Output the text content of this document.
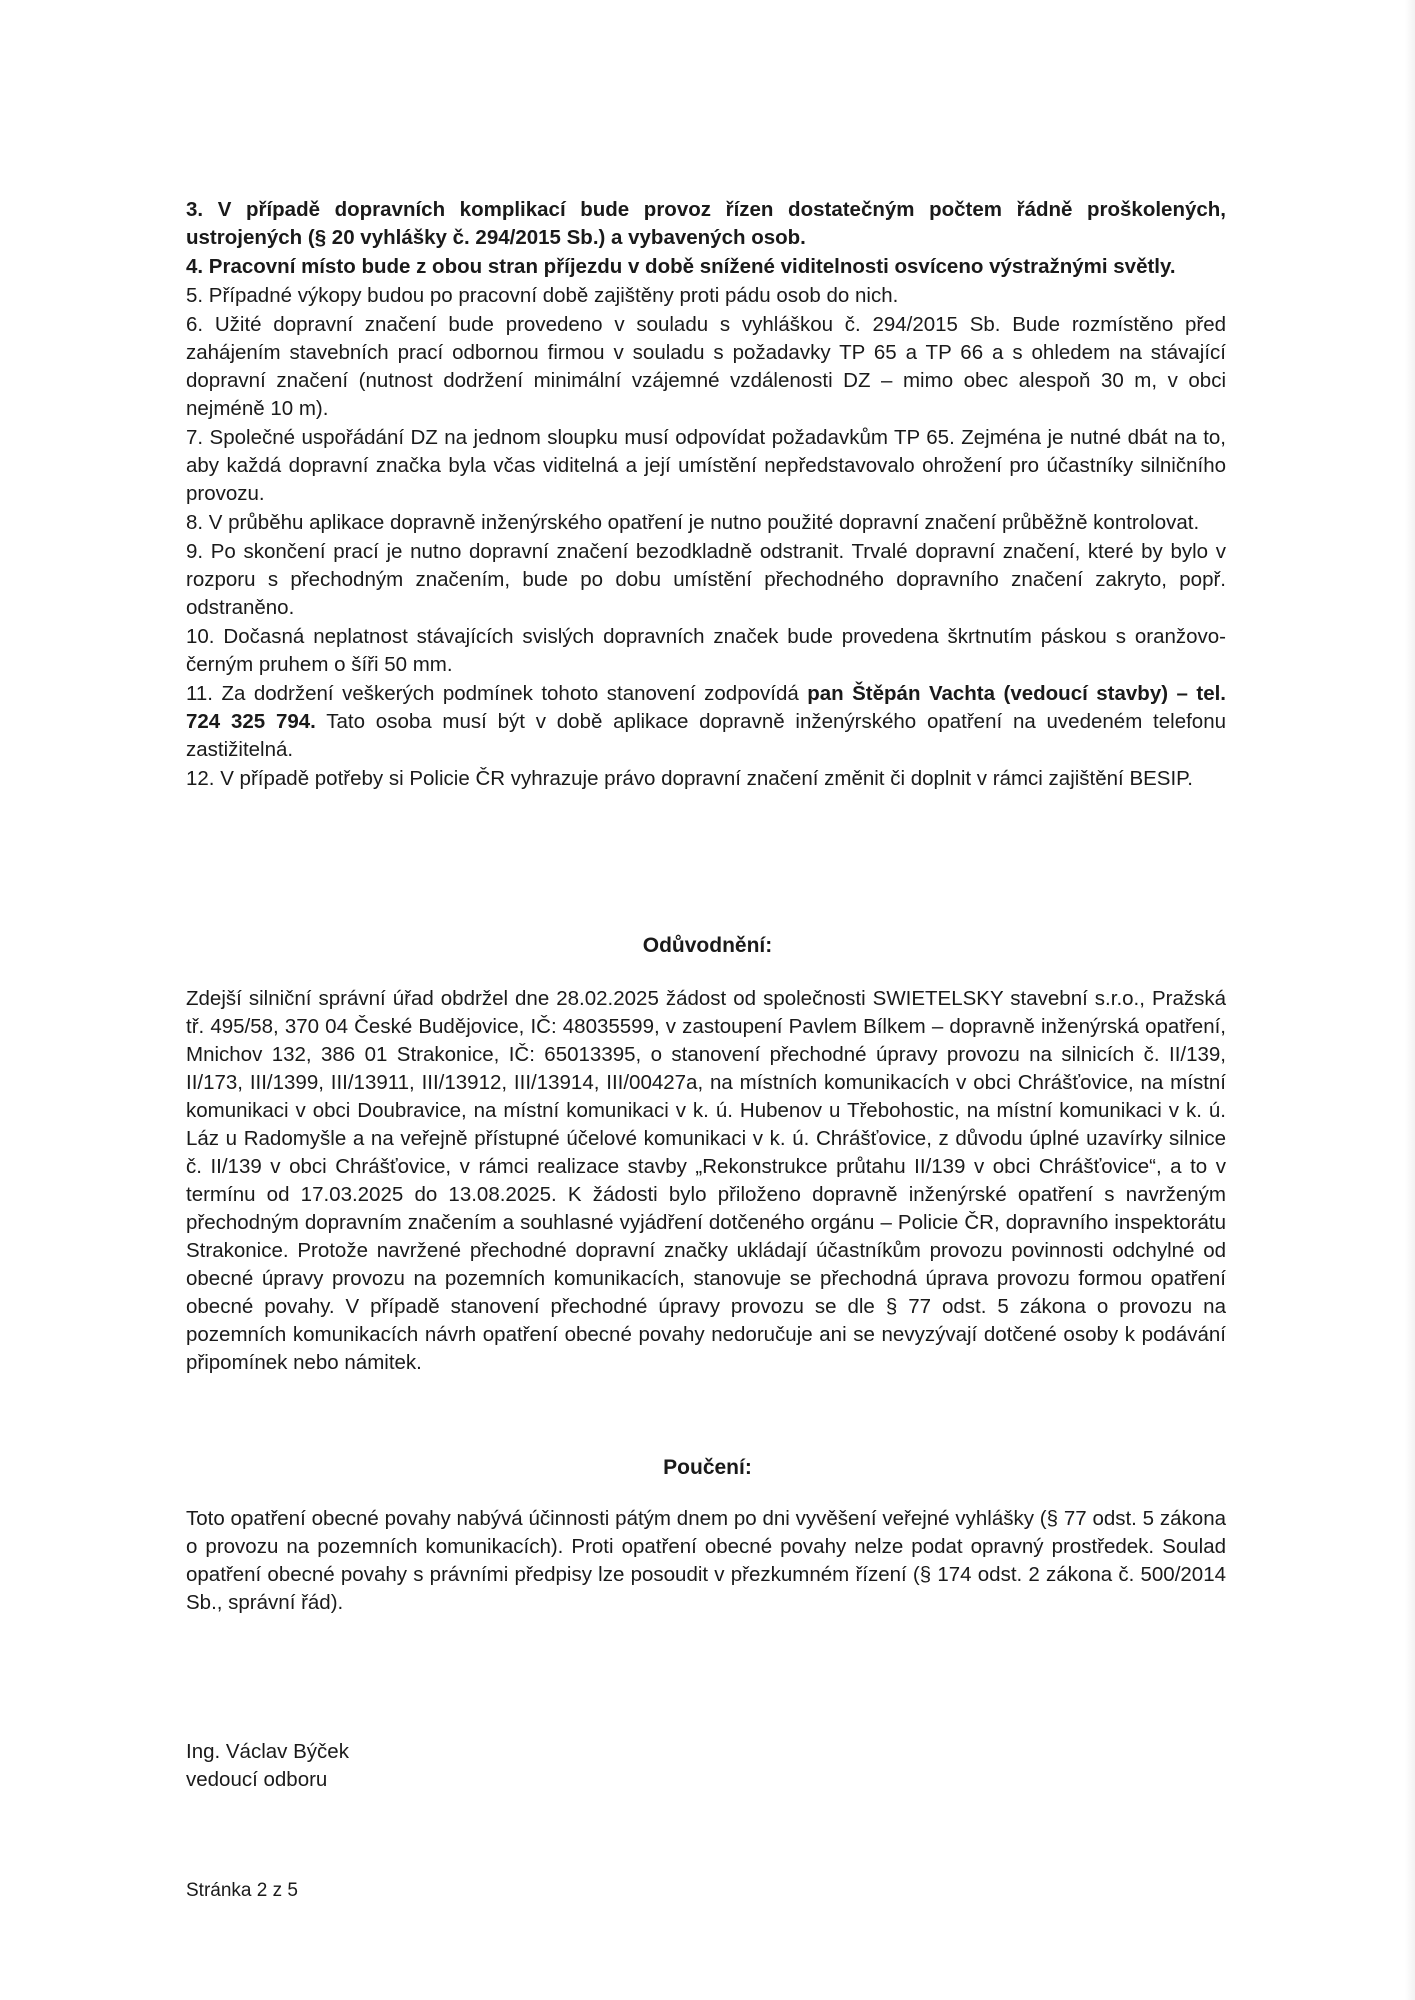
3. V případě dopravních komplikací bude provoz řízen dostatečným počtem řádně proškolených, ustrojených (§ 20 vyhlášky č. 294/2015 Sb.) a vybavených osob.

4. Pracovní místo bude z obou stran příjezdu v době snížené viditelnosti osvíceno výstražnými světly.

5. Případné výkopy budou po pracovní době zajištěny proti pádu osob do nich.

6. Užité dopravní značení bude provedeno v souladu s vyhláškou č. 294/2015 Sb. Bude rozmístěno před zahájením stavebních prací odbornou firmou v souladu s požadavky TP 65 a TP 66 a s ohledem na stávající dopravní značení (nutnost dodržení minimální vzájemné vzdálenosti DZ – mimo obec alespoň 30 m, v obci nejméně 10 m).

7. Společné uspořádání DZ na jednom sloupku musí odpovídat požadavkům TP 65. Zejména je nutné dbát na to, aby každá dopravní značka byla včas viditelná a její umístění nepředstavovalo ohrožení pro účastníky silničního provozu.

8. V průběhu aplikace dopravně inženýrského opatření je nutno použité dopravní značení průběžně kontrolovat.

9. Po skončení prací je nutno dopravní značení bezodkladně odstranit. Trvalé dopravní značení, které by bylo v rozporu s přechodným značením, bude po dobu umístění přechodného dopravního značení zakryto, popř. odstraněno.

10. Dočasná neplatnost stávajících svislých dopravních značek bude provedena škrtnutím páskou s oranžovo-černým pruhem o šíři 50 mm.

11. Za dodržení veškerých podmínek tohoto stanovení zodpovídá pan Štěpán Vachta (vedoucí stavby) – tel. 724 325 794. Tato osoba musí být v době aplikace dopravně inženýrského opatření na uvedeném telefonu zastižitelná.

12. V případě potřeby si Policie ČR vyhrazuje právo dopravní značení změnit či doplnit v rámci zajištění BESIP.

Odůvodnění:

Zdejší silniční správní úřad obdržel dne 28.02.2025 žádost od společnosti SWIETELSKY stavební s.r.o., Pražská tř. 495/58, 370 04 České Budějovice, IČ: 48035599, v zastoupení Pavlem Bílkem – dopravně inženýrská opatření, Mnichov 132, 386 01 Strakonice, IČ: 65013395, o stanovení přechodné úpravy provozu na silnicích č. II/139, II/173, III/1399, III/13911, III/13912, III/13914, III/00427a, na místních komunikacích v obci Chrášťovice, na místní komunikaci v obci Doubravice, na místní komunikaci v k. ú. Hubenov u Třebohostic, na místní komunikaci v k. ú. Láz u Radomyšle a na veřejně přístupné účelové komunikaci v k. ú. Chrášťovice, z důvodu úplné uzavírky silnice č. II/139 v obci Chrášťovice, v rámci realizace stavby „Rekonstrukce průtahu II/139 v obci Chrášťovice“, a to v termínu od 17.03.2025 do 13.08.2025. K žádosti bylo přiloženo dopravně inženýrské opatření s navrženým přechodným dopravním značením a souhlasné vyjádření dotčeného orgánu – Policie ČR, dopravního inspektorátu Strakonice. Protože navržené přechodné dopravní značky ukládají účastníkům provozu povinnosti odchylné od obecné úpravy provozu na pozemních komunikacích, stanovuje se přechodná úprava provozu formou opatření obecné povahy. V případě stanovení přechodné úpravy provozu se dle § 77 odst. 5 zákona o provozu na pozemních komunikacích návrh opatření obecné povahy nedoručuje ani se nevyzývají dotčené osoby k podávání připomínek nebo námitek.

Poučení:

Toto opatření obecné povahy nabývá účinnosti pátým dnem po dni vyvěšení veřejné vyhlášky (§ 77 odst. 5 zákona o provozu na pozemních komunikacích). Proti opatření obecné povahy nelze podat opravný prostředek. Soulad opatření obecné povahy s právními předpisy lze posoudit v přezkumném řízení (§ 174 odst. 2 zákona č. 500/2014 Sb., správní řád).

Ing. Václav Býček
vedoucí odboru
Stránka 2 z 5
